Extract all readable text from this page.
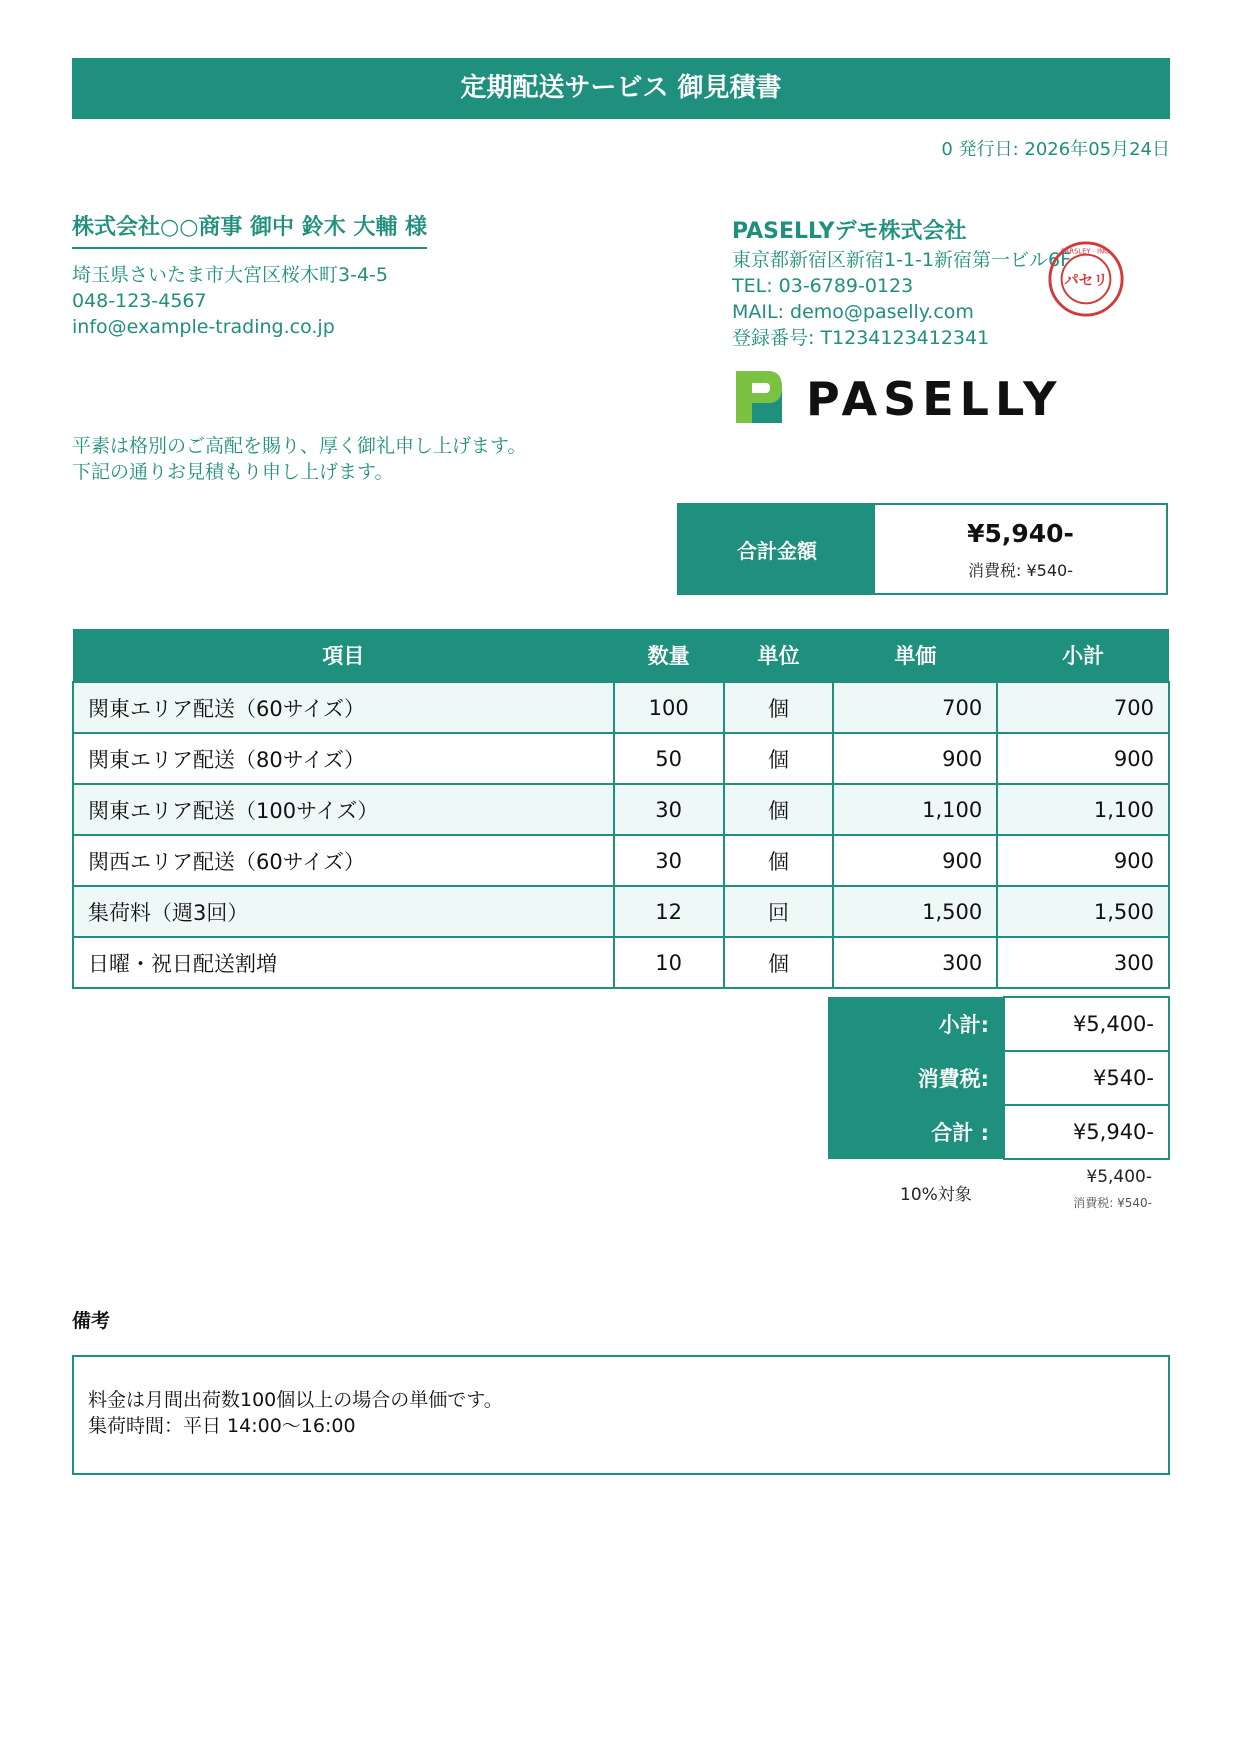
定期配送サービス 御見積書
0 発行日: 2026年05月24日
株式会社○○商事 御中 鈴木 大輔 様
埼玉県さいたま市大宮区桜木町3-4-5
048-123-4567
info@example-trading.co.jp
平素は格別のご高配を賜り、厚く御礼申し上げます。
下記の通りお見積もり申し上げます。
PASELLYデモ株式会社
東京都新宿区新宿1-1-1新宿第一ビル6F
TEL: 03-6789-0123
MAIL: demo@paselly.com
登録番号: T1234123412341
パセリ
PARSLEY · INC.
PASELLY
合計金額
¥5,940-
消費税: ¥540-
項目	数量	単位	単価	小計
関東エリア配送（60サイズ）	100	個	700	700
関東エリア配送（80サイズ）	50	個	900	900
関東エリア配送（100サイズ）	30	個	1,100	1,100
関西エリア配送（60サイズ）	30	個	900	900
集荷料（週3回）	12	回	1,500	1,500
日曜・祝日配送割増	10	個	300	300
小計:	¥5,400-
消費税:	¥540-
合計 :	¥5,940-
10%対象
¥5,400-
消費税: ¥540-
備考
料金は月間出荷数100個以上の場合の単価です。
集荷時間：平日 14:00〜16:00
